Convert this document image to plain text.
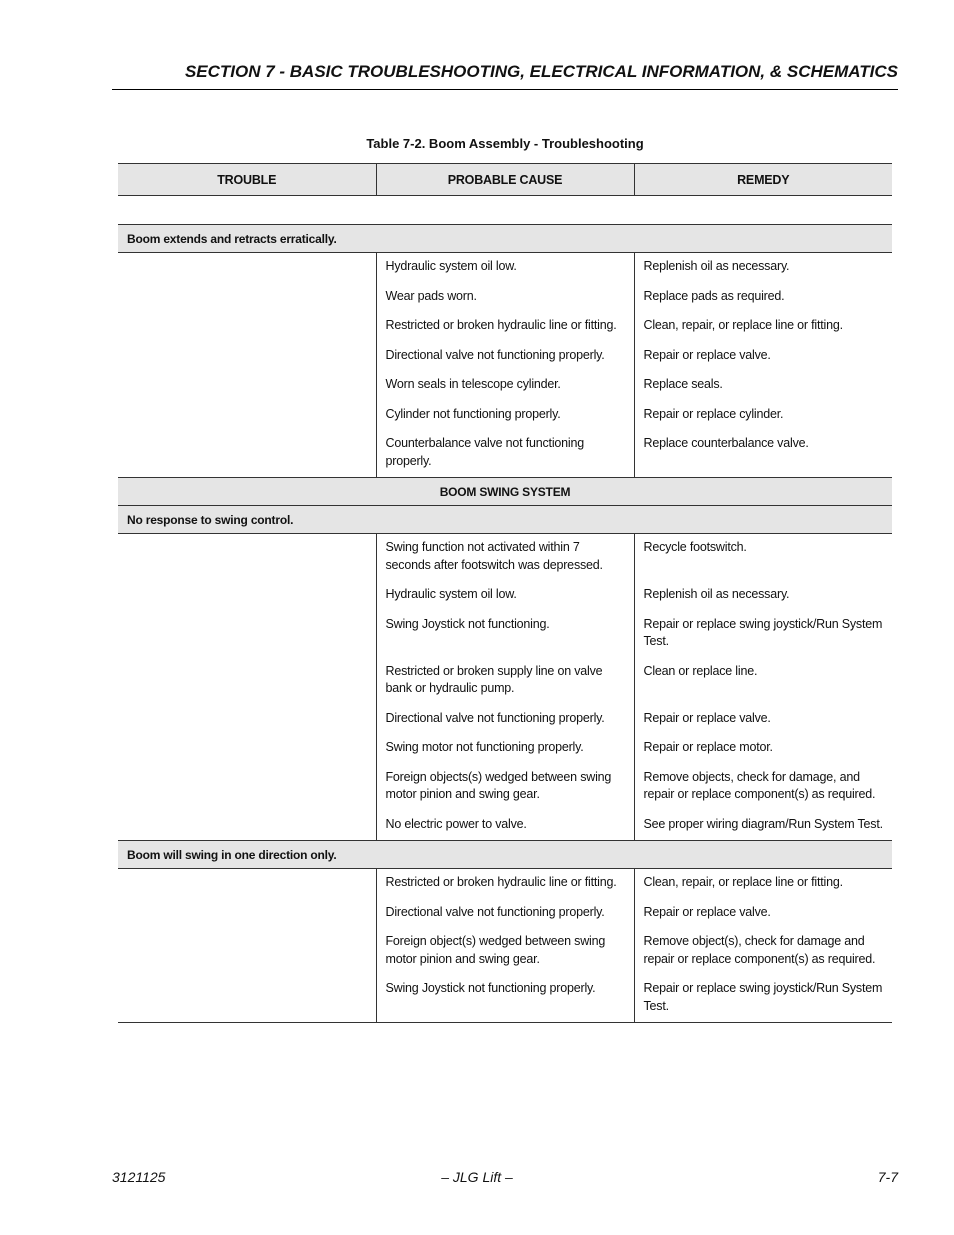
SECTION 7 - BASIC TROUBLESHOOTING, ELECTRICAL INFORMATION, & SCHEMATICS
Table 7-2. Boom Assembly - Troubleshooting
TROUBLE	PROBABLE CAUSE	REMEDY

Boom extends and retracts erratically.		

	Hydraulic system oil low.	Replenish oil as necessary.

	Wear pads worn.	Replace pads as required.

	Restricted or broken hydraulic line or fitting.	Clean, repair, or replace line or fitting.

	Directional valve not functioning properly.	Repair or replace valve.

	Worn seals in telescope cylinder.	Replace seals.

	Cylinder not functioning properly.	Repair or replace cylinder.

	Counterbalance valve not functioning properly.	Replace counterbalance valve.

BOOM SWING SYSTEM		
No response to swing control.		

	Swing function not activated within 7 seconds after footswitch was depressed.	Recycle footswitch.

	Hydraulic system oil low.	Replenish oil as necessary.

	Swing Joystick not functioning.	Repair or replace swing joystick/Run System Test.

	Restricted or broken supply line on valve bank or hydraulic pump.	Clean or replace line.

	Directional valve not functioning properly.	Repair or replace valve.

	Swing motor not functioning properly.	Repair or replace motor.

	Foreign objects(s) wedged between swing motor pinion and swing gear.	Remove objects, check for damage, and repair or replace component(s) as required.

	No electric power to valve.	See proper wiring diagram/Run System Test.

Boom will swing in one direction only.		

	Restricted or broken hydraulic line or fitting.	Clean, repair, or replace line or fitting.

	Directional valve not functioning properly.	Repair or replace valve.

	Foreign object(s) wedged between swing motor pinion and swing gear.	Remove object(s), check for damage and repair or replace component(s) as required.

	Swing Joystick not functioning properly.	Repair or replace swing joystick/Run System Test.
3121125	– JLG Lift –	7-7
